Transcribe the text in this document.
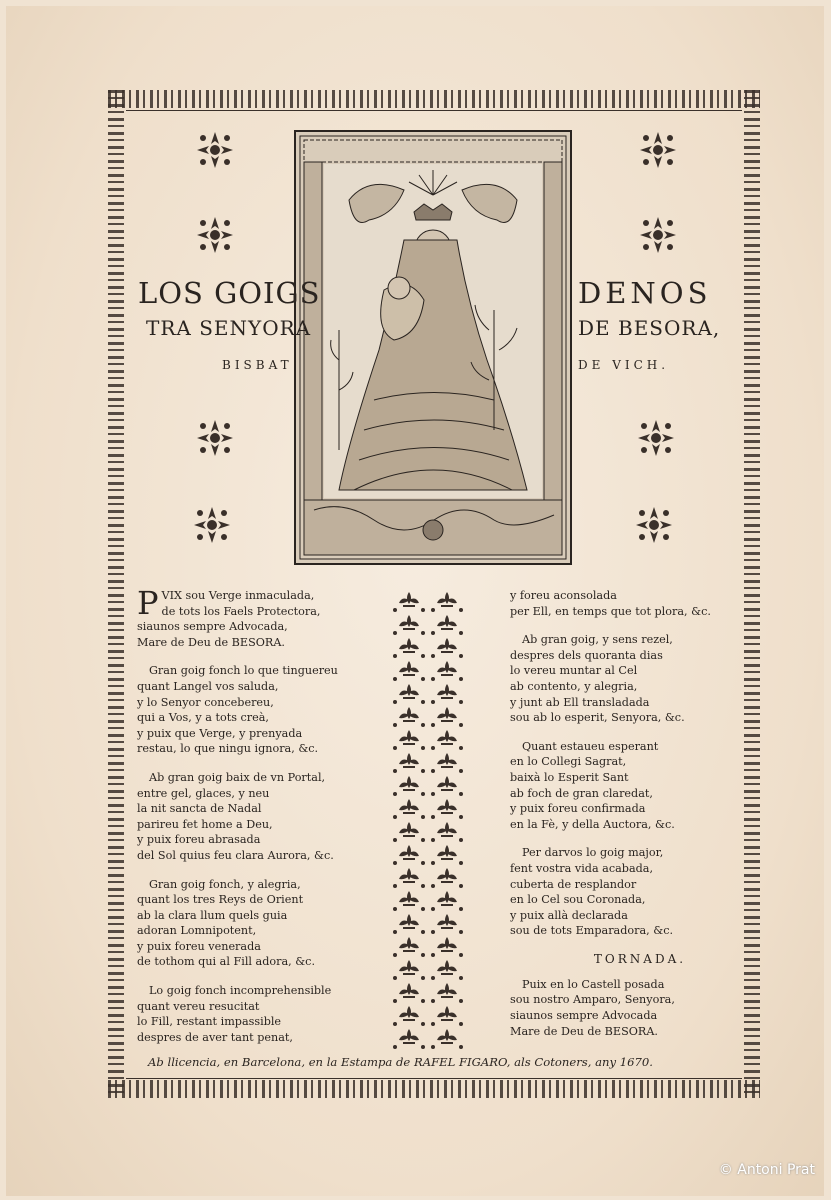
LOS GOIGS	DENOS
TRA SENYORA	DE BESORA,
BISBAT	DE VICH.
PVIX sou Verge inmaculada,
de tots los Faels Protectora,
siaunos sempre Advocada,
Mare de Deu de BESORA.
Gran goig fonch lo que tinguereu
quant Langel vos saluda,
y lo Senyor concebereu,
qui a Vos, y a tots creà,
y puix que Verge, y prenyada
restau, lo que ningu ignora, &c.
Ab gran goig baix de vn Portal,
entre gel, glaces, y neu
la nit sancta de Nadal
parireu fet home a Deu,
y puix foreu abrasada
del Sol quius feu clara Aurora, &c.
Gran goig fonch, y alegria,
quant los tres Reys de Orient
ab la clara llum quels guia
adoran Lomnipotent,
y puix foreu venerada
de tothom qui al Fill adora, &c.
Lo goig fonch incomprehensible
quant vereu resucitat
lo Fill, restant impassible
despres de aver tant penat,
y foreu aconsolada
per Ell, en temps que tot plora, &c.
Ab gran goig, y sens rezel,
despres dels quoranta dias
lo vereu muntar al Cel
ab contento, y alegria,
y junt ab Ell transladada
sou ab lo esperit, Senyora, &c.
Quant estaueu esperant
en lo Collegi Sagrat,
baixà lo Esperit Sant
ab foch de gran claredat,
y puix foreu confirmada
en la Fè, y della Auctora, &c.
Per darvos lo goig major,
fent vostra vida acabada,
cuberta de resplandor
en lo Cel sou Coronada,
y puix allà declarada
sou de tots Emparadora, &c.
TORNADA.
Puix en lo Castell posada
sou nostro Amparo, Senyora,
siaunos sempre Advocada
Mare de Deu de BESORA.
Ab llicencia, en Barcelona, en la Estampa de RAFEL FIGARO, als Cotoners, any 1670.
© Antoni Prat
